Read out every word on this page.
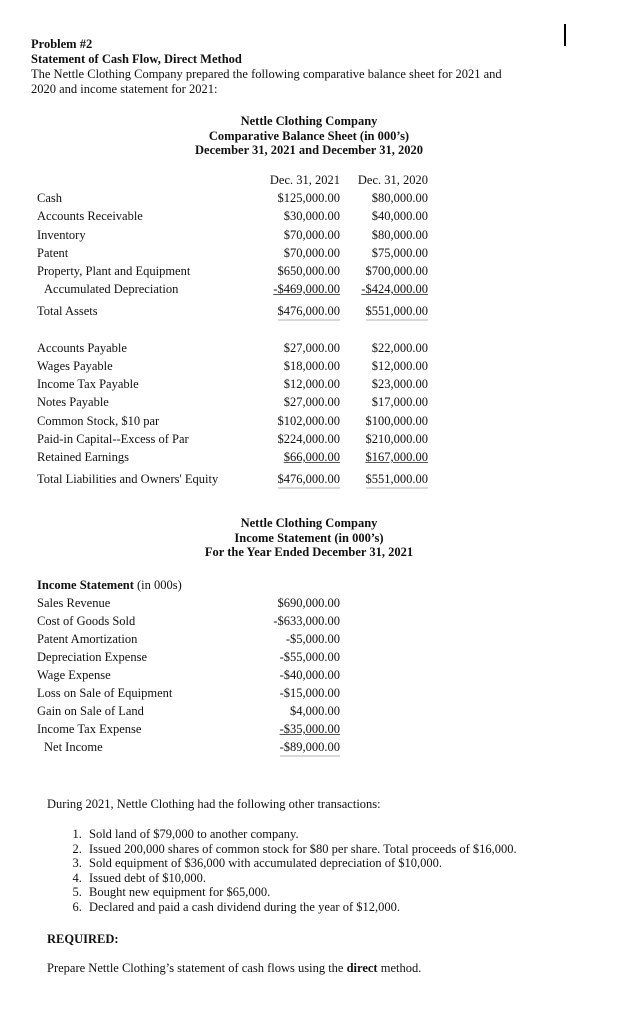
Problem #2
Statement of Cash Flow, Direct Method
The Nettle Clothing Company prepared the following comparative balance sheet for 2021 and
2020 and income statement for 2021:
Nettle Clothing Company
Comparative Balance Sheet (in 000’s)
December 31, 2021 and December 31, 2020
Dec. 31, 2021 Dec. 31, 2020
Cash	$125,000.00	$80,000.00
Accounts Receivable	$30,000.00	$40,000.00
Inventory	$70,000.00	$80,000.00
Patent	$70,000.00	$75,000.00
Property, Plant and Equipment	$650,000.00 $700,000.00
Accumulated Depreciation	-$469,000.00 -$424,000.00
Total Assets	$476,000.00 $551,000.00
Accounts Payable	$27,000.00	$22,000.00
Wages Payable	$18,000.00	$12,000.00
Income Tax Payable	$12,000.00	$23,000.00
Notes Payable	$27,000.00	$17,000.00
Common Stock, $10 par	$102,000.00 $100,000.00
Paid-in Capital--Excess of Par	$224,000.00 $210,000.00
Retained Earnings	$66,000.00 $167,000.00
Total Liabilities and Owners' Equity	$476,000.00 $551,000.00
Nettle Clothing Company
Income Statement (in 000’s)
For the Year Ended December 31, 2021
Income Statement (in 000s)
Sales Revenue	$690,000.00
Cost of Goods Sold	-$633,000.00
Patent Amortization	-$5,000.00
Depreciation Expense	-$55,000.00
Wage Expense	-$40,000.00
Loss on Sale of Equipment	-$15,000.00
Gain on Sale of Land	$4,000.00
Income Tax Expense	-$35,000.00
Net Income	-$89,000.00
During 2021, Nettle Clothing had the following other transactions:
1. Sold land of $79,000 to another company.
2. Issued 200,000 shares of common stock for $80 per share. Total proceeds of $16,000.
3. Sold equipment of $36,000 with accumulated depreciation of $10,000.
4. Issued debt of $10,000.
5. Bought new equipment for $65,000.
6. Declared and paid a cash dividend during the year of $12,000.
REQUIRED:
Prepare Nettle Clothing’s statement of cash flows using the direct method.
